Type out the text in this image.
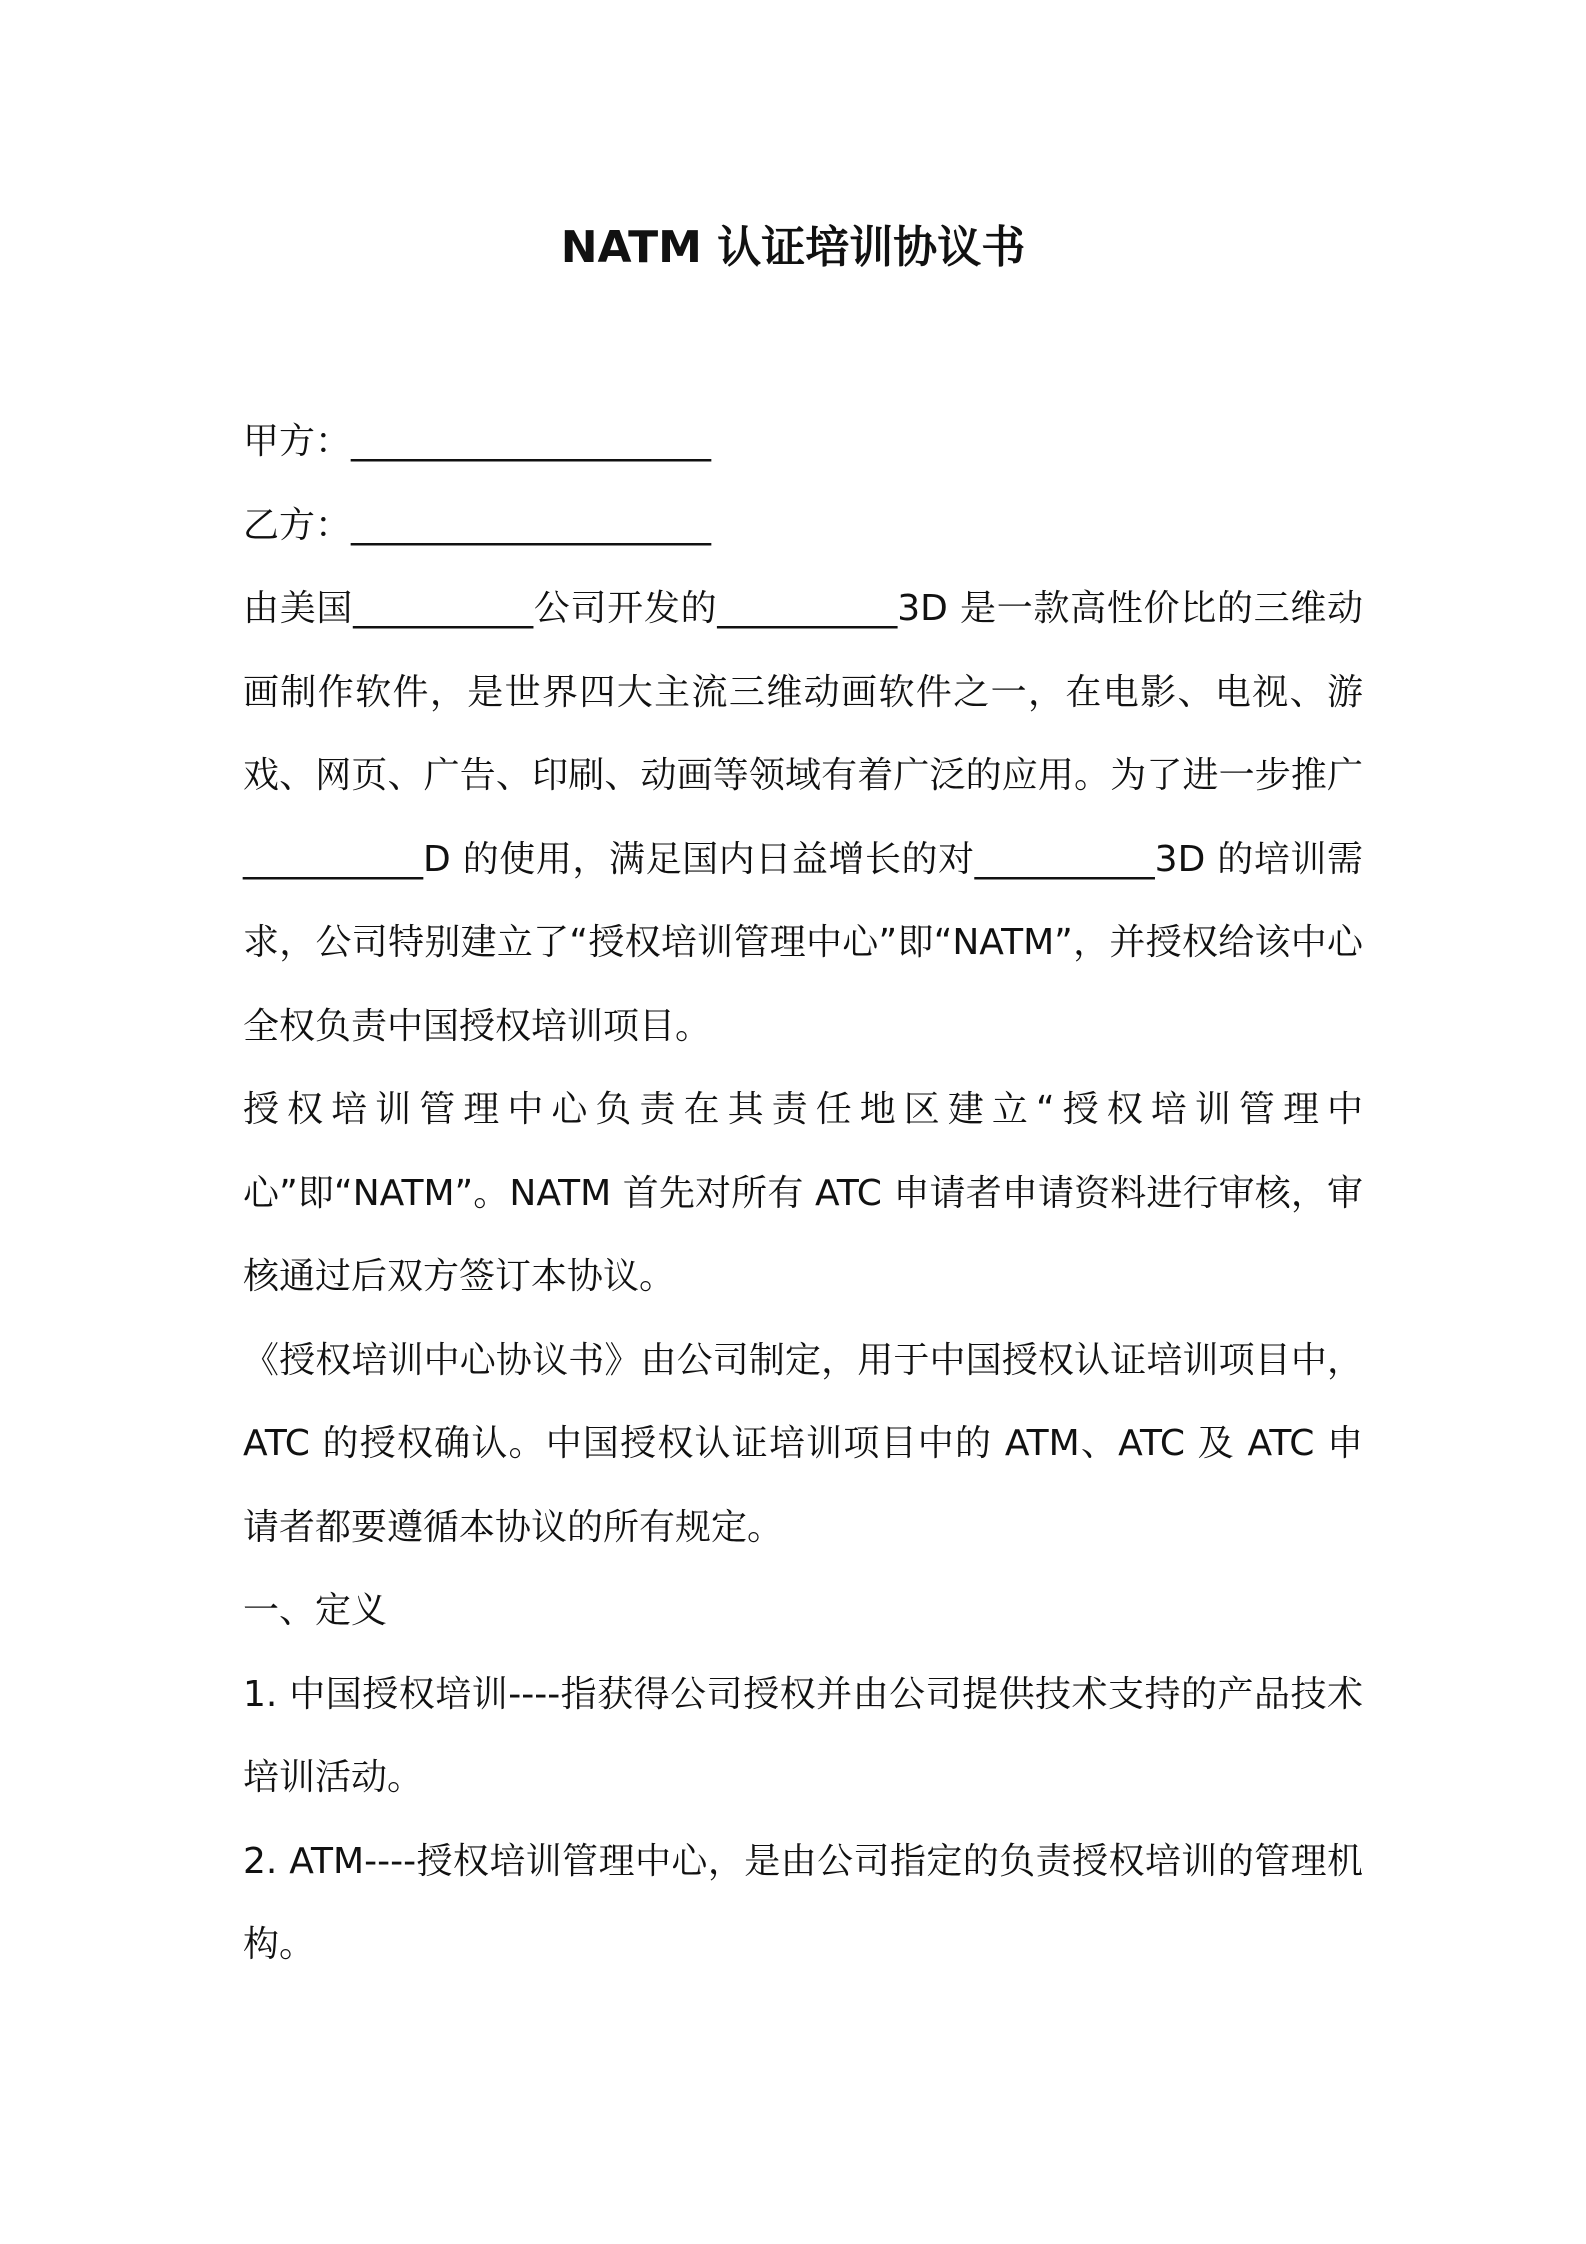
NATM 认证培训协议书

甲方：____________________

乙方：____________________

由美国__________公司开发的__________3D 是一款高性价比的三维动画制作软件，是世界四大主流三维动画软件之一，在电影、电视、游戏、网页、广告、印刷、动画等领域有着广泛的应用。为了进一步推广__________D 的使用，满足国内日益增长的对__________3D 的培训需求，公司特别建立了“授权培训管理中心”即“NATM”，并授权给该中心全权负责中国授权培训项目。

授权培训管理中心负责在其责任地区建立“授权培训管理中心”即“NATM”。NATM 首先对所有 ATC 申请者申请资料进行审核，审核通过后双方签订本协议。

《授权培训中心协议书》由公司制定，用于中国授权认证培训项目中，ATC 的授权确认。中国授权认证培训项目中的 ATM、ATC 及 ATC 申请者都要遵循本协议的所有规定。

一、定义

1. 中国授权培训----指获得公司授权并由公司提供技术支持的产品技术培训活动。

2. ATM----授权培训管理中心，是由公司指定的负责授权培训的管理机构。
